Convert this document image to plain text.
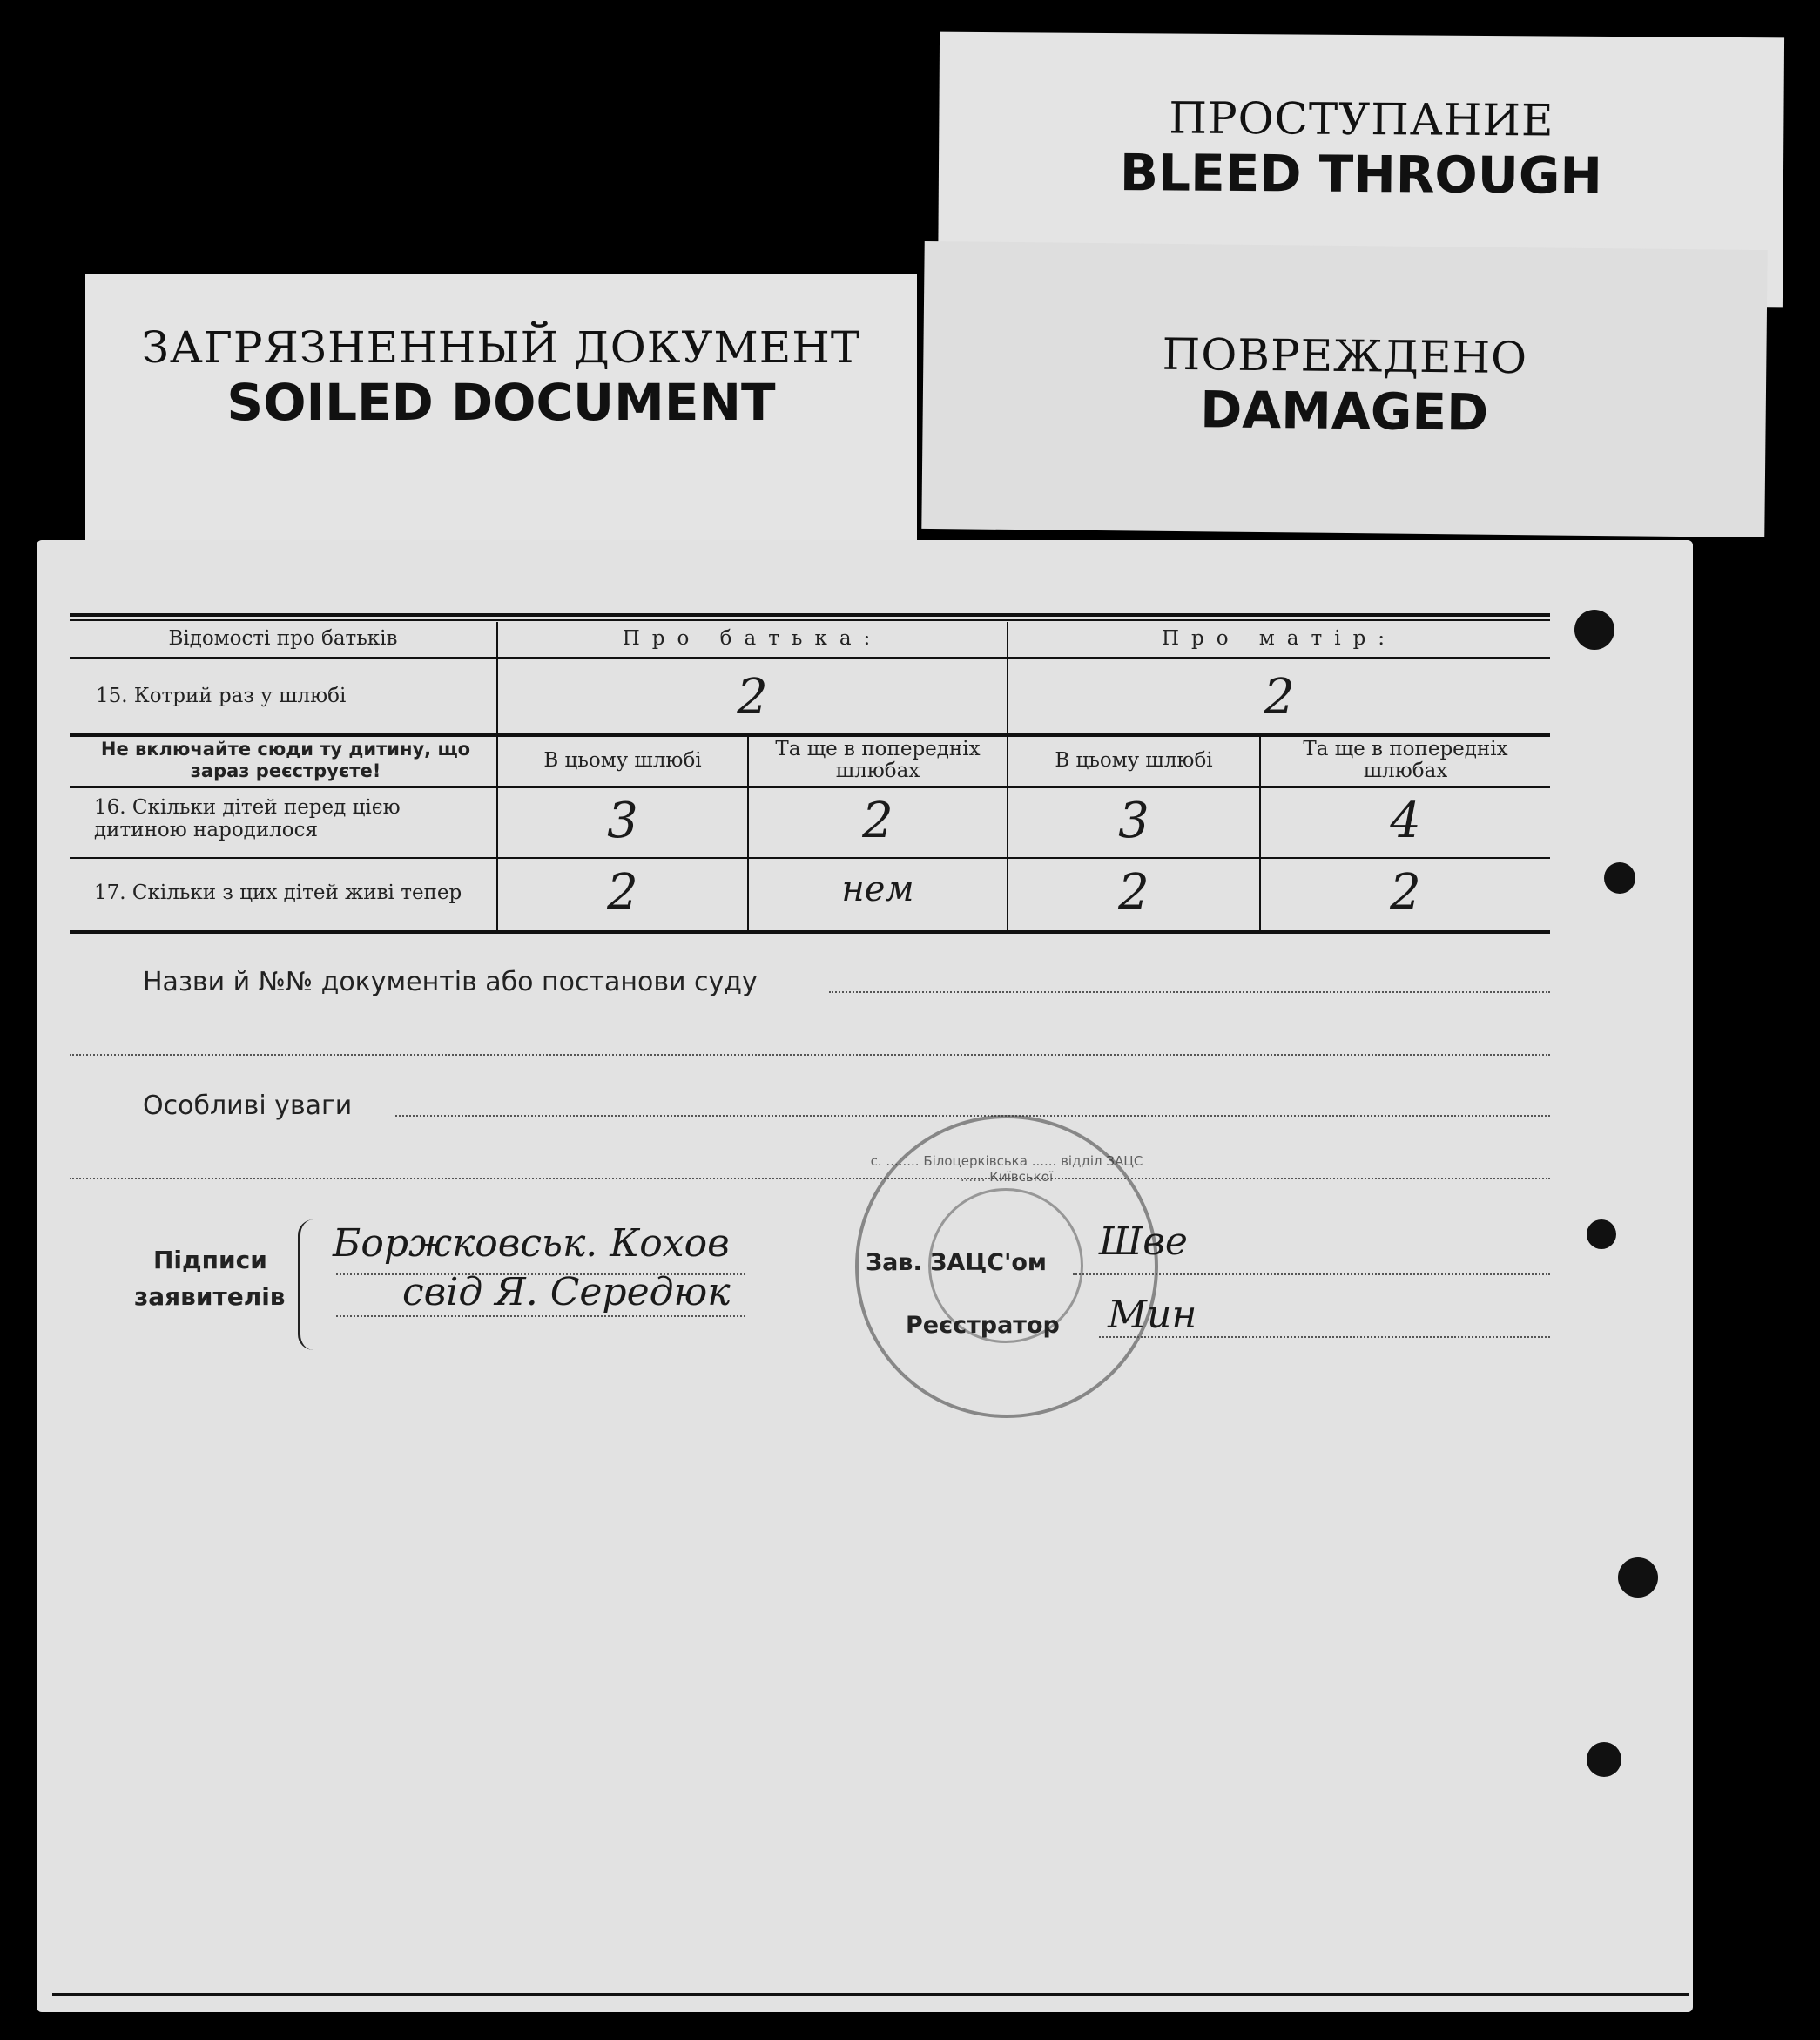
ПРОСТУПАНИЕ
BLEED THROUGH
ПОВРЕЖДЕНО
DAMAGED
ЗАГРЯЗНЕННЫЙ ДОКУМЕНТ
SOILED DOCUMENT
Відомості про батьків	Про батька:	Про матір:
15. Котрий раз у шлюбі	2	2
Не включайте сюди ту дитину, що зараз реєструєте!	В цьому шлюбі	Та ще в попередніх шлюбах	В цьому шлюбі	Та ще в попередніх шлюбах
16. Скільки дітей перед цією дитиною народилося	3	2	3	4
17. Скільки з цих дітей живі тепер	2	нем	2	2
Назви й №№ документів або постанови суду
Особливі уваги
с. ........ Білоцерківська ...... відділ ЗАЦС ...... Київської
Підписи
заявителів
Боржковськ. Кохов
свід Я. Середюк
Зав. ЗАЦС'ом Шве
Реєстратор Мин
